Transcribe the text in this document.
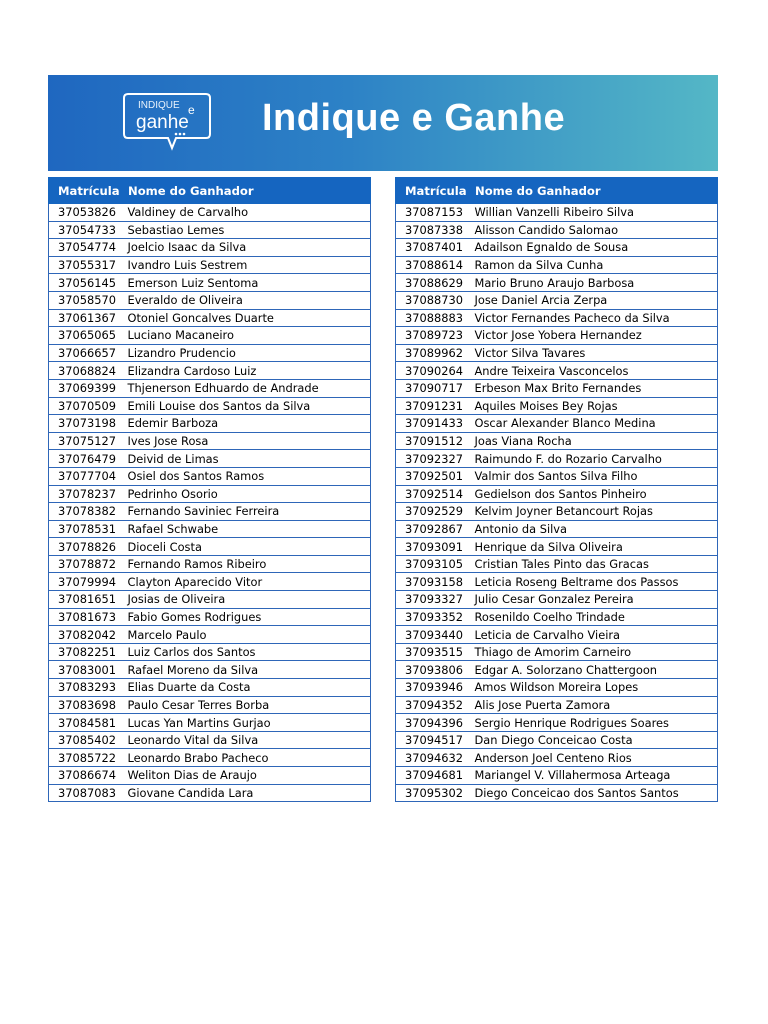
INDIQUE e
ganhe Indique e Ganhe
Matrícula	Nome do Ganhador
37053826	Valdiney de Carvalho
37054733	Sebastiao Lemes
37054774	Joelcio Isaac da Silva
37055317	Ivandro Luis Sestrem
37056145	Emerson Luiz Sentoma
37058570	Everaldo de Oliveira
37061367	Otoniel Goncalves Duarte
37065065	Luciano Macaneiro
37066657	Lizandro Prudencio
37068824	Elizandra Cardoso Luiz
37069399	Thjenerson Edhuardo de Andrade
37070509	Emili Louise dos Santos da Silva
37073198	Edemir Barboza
37075127	Ives Jose Rosa
37076479	Deivid de Limas
37077704	Osiel dos Santos Ramos
37078237	Pedrinho Osorio
37078382	Fernando Saviniec Ferreira
37078531	Rafael Schwabe
37078826	Dioceli Costa
37078872	Fernando Ramos Ribeiro
37079994	Clayton Aparecido Vitor
37081651	Josias de Oliveira
37081673	Fabio Gomes Rodrigues
37082042	Marcelo Paulo
37082251	Luiz Carlos dos Santos
37083001	Rafael Moreno da Silva
37083293	Elias Duarte da Costa
37083698	Paulo Cesar Terres Borba
37084581	Lucas Yan Martins Gurjao
37085402	Leonardo Vital da Silva
37085722	Leonardo Brabo Pacheco
37086674	Weliton Dias de Araujo
37087083	Giovane Candida Lara
Matrícula	Nome do Ganhador
37087153	Willian Vanzelli Ribeiro Silva
37087338	Alisson Candido Salomao
37087401	Adailson Egnaldo de Sousa
37088614	Ramon da Silva Cunha
37088629	Mario Bruno Araujo Barbosa
37088730	Jose Daniel Arcia Zerpa
37088883	Victor Fernandes Pacheco da Silva
37089723	Victor Jose Yobera Hernandez
37089962	Victor Silva Tavares
37090264	Andre Teixeira Vasconcelos
37090717	Erbeson Max Brito Fernandes
37091231	Aquiles Moises Bey Rojas
37091433	Oscar Alexander Blanco Medina
37091512	Joas Viana Rocha
37092327	Raimundo F. do Rozario Carvalho
37092501	Valmir dos Santos Silva Filho
37092514	Gedielson dos Santos Pinheiro
37092529	Kelvim Joyner Betancourt Rojas
37092867	Antonio da Silva
37093091	Henrique da Silva Oliveira
37093105	Cristian Tales Pinto das Gracas
37093158	Leticia Roseng Beltrame dos Passos
37093327	Julio Cesar Gonzalez Pereira
37093352	Rosenildo Coelho Trindade
37093440	Leticia de Carvalho Vieira
37093515	Thiago de Amorim Carneiro
37093806	Edgar A. Solorzano Chattergoon
37093946	Amos Wildson Moreira Lopes
37094352	Alis Jose Puerta Zamora
37094396	Sergio Henrique Rodrigues Soares
37094517	Dan Diego Conceicao Costa
37094632	Anderson Joel Centeno Rios
37094681	Mariangel V. Villahermosa Arteaga
37095302	Diego Conceicao dos Santos Santos
